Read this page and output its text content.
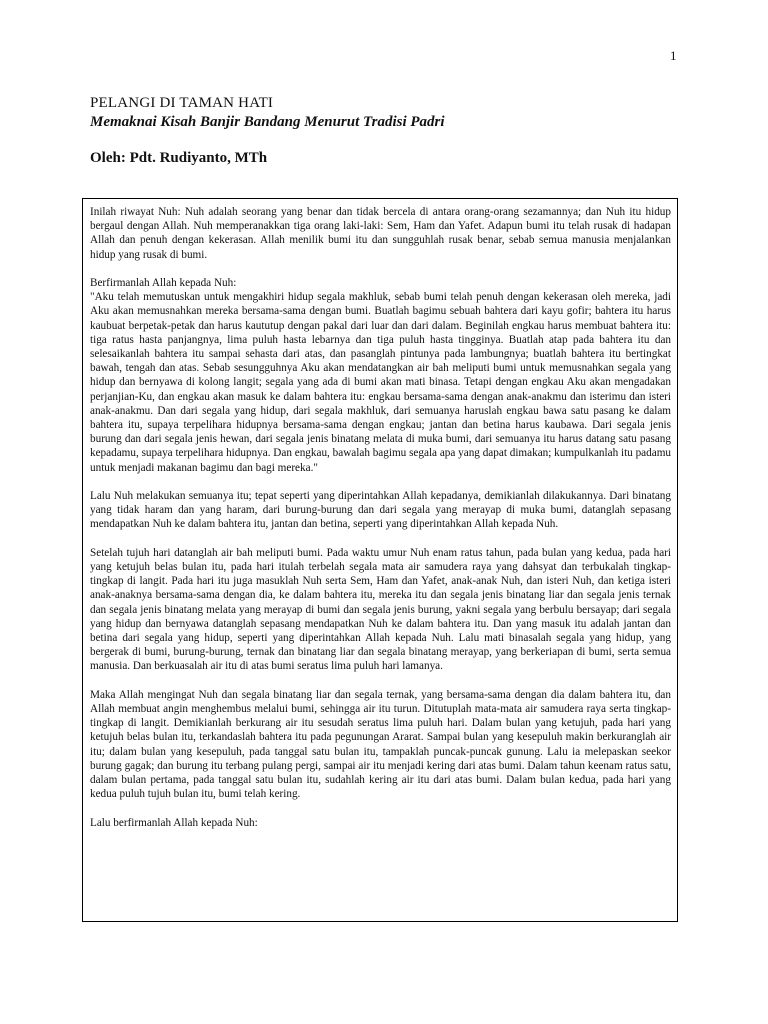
1
PELANGI DI TAMAN HATI
Memaknai Kisah Banjir Bandang Menurut Tradisi Padri
Oleh: Pdt. Rudiyanto, MTh

Inilah riwayat Nuh: Nuh adalah seorang yang benar dan tidak bercela di antara orang-orang sezamannya; dan Nuh itu hidup bergaul dengan Allah. Nuh memperanakkan tiga orang laki-laki: Sem, Ham dan Yafet. Adapun bumi itu telah rusak di hadapan Allah dan penuh dengan kekerasan. Allah menilik bumi itu dan sungguhlah rusak benar, sebab semua manusia menjalankan hidup yang rusak di bumi.

Berfirmanlah Allah kepada Nuh:

"Aku telah memutuskan untuk mengakhiri hidup segala makhluk, sebab bumi telah penuh dengan kekerasan oleh mereka, jadi Aku akan memusnahkan mereka bersama-sama dengan bumi. Buatlah bagimu sebuah bahtera dari kayu gofir; bahtera itu harus kaubuat berpetak-petak dan harus kaututup dengan pakal dari luar dan dari dalam. Beginilah engkau harus membuat bahtera itu: tiga ratus hasta panjangnya, lima puluh hasta lebarnya dan tiga puluh hasta tingginya. Buatlah atap pada bahtera itu dan selesaikanlah bahtera itu sampai sehasta dari atas, dan pasanglah pintunya pada lambungnya; buatlah bahtera itu bertingkat bawah, tengah dan atas. Sebab sesungguhnya Aku akan mendatangkan air bah meliputi bumi untuk memusnahkan segala yang hidup dan bernyawa di kolong langit; segala yang ada di bumi akan mati binasa. Tetapi dengan engkau Aku akan mengadakan perjanjian-Ku, dan engkau akan masuk ke dalam bahtera itu: engkau bersama-sama dengan anak-anakmu dan isterimu dan isteri anak-anakmu. Dan dari segala yang hidup, dari segala makhluk, dari semuanya haruslah engkau bawa satu pasang ke dalam bahtera itu, supaya terpelihara hidupnya bersama-sama dengan engkau; jantan dan betina harus kaubawa. Dari segala jenis burung dan dari segala jenis hewan, dari segala jenis binatang melata di muka bumi, dari semuanya itu harus datang satu pasang kepadamu, supaya terpelihara hidupnya. Dan engkau, bawalah bagimu segala apa yang dapat dimakan; kumpulkanlah itu padamu untuk menjadi makanan bagimu dan bagi mereka."

Lalu Nuh melakukan semuanya itu; tepat seperti yang diperintahkan Allah kepadanya, demikianlah dilakukannya. Dari binatang yang tidak haram dan yang haram, dari burung-burung dan dari segala yang merayap di muka bumi, datanglah sepasang mendapatkan Nuh ke dalam bahtera itu, jantan dan betina, seperti yang diperintahkan Allah kepada Nuh.

Setelah tujuh hari datanglah air bah meliputi bumi. Pada waktu umur Nuh enam ratus tahun, pada bulan yang kedua, pada hari yang ketujuh belas bulan itu, pada hari itulah terbelah segala mata air samudera raya yang dahsyat dan terbukalah tingkap-tingkap di langit. Pada hari itu juga masuklah Nuh serta Sem, Ham dan Yafet, anak-anak Nuh, dan isteri Nuh, dan ketiga isteri anak-anaknya bersama-sama dengan dia, ke dalam bahtera itu, mereka itu dan segala jenis binatang liar dan segala jenis ternak dan segala jenis binatang melata yang merayap di bumi dan segala jenis burung, yakni segala yang berbulu bersayap; dari segala yang hidup dan bernyawa datanglah sepasang mendapatkan Nuh ke dalam bahtera itu. Dan yang masuk itu adalah jantan dan betina dari segala yang hidup, seperti yang diperintahkan Allah kepada Nuh. Lalu mati binasalah segala yang hidup, yang bergerak di bumi, burung-burung, ternak dan binatang liar dan segala binatang merayap, yang berkeriapan di bumi, serta semua manusia. Dan berkuasalah air itu di atas bumi seratus lima puluh hari lamanya.

Maka Allah mengingat Nuh dan segala binatang liar dan segala ternak, yang bersama-sama dengan dia dalam bahtera itu, dan Allah membuat angin menghembus melalui bumi, sehingga air itu turun. Ditutuplah mata-mata air samudera raya serta tingkap-tingkap di langit. Demikianlah berkurang air itu sesudah seratus lima puluh hari. Dalam bulan yang ketujuh, pada hari yang ketujuh belas bulan itu, terkandaslah bahtera itu pada pegunungan Ararat. Sampai bulan yang kesepuluh makin berkuranglah air itu; dalam bulan yang kesepuluh, pada tanggal satu bulan itu, tampaklah puncak-puncak gunung. Lalu ia melepaskan seekor burung gagak; dan burung itu terbang pulang pergi, sampai air itu menjadi kering dari atas bumi. Dalam tahun keenam ratus satu, dalam bulan pertama, pada tanggal satu bulan itu, sudahlah kering air itu dari atas bumi. Dalam bulan kedua, pada hari yang kedua puluh tujuh bulan itu, bumi telah kering.

Lalu berfirmanlah Allah kepada Nuh:
